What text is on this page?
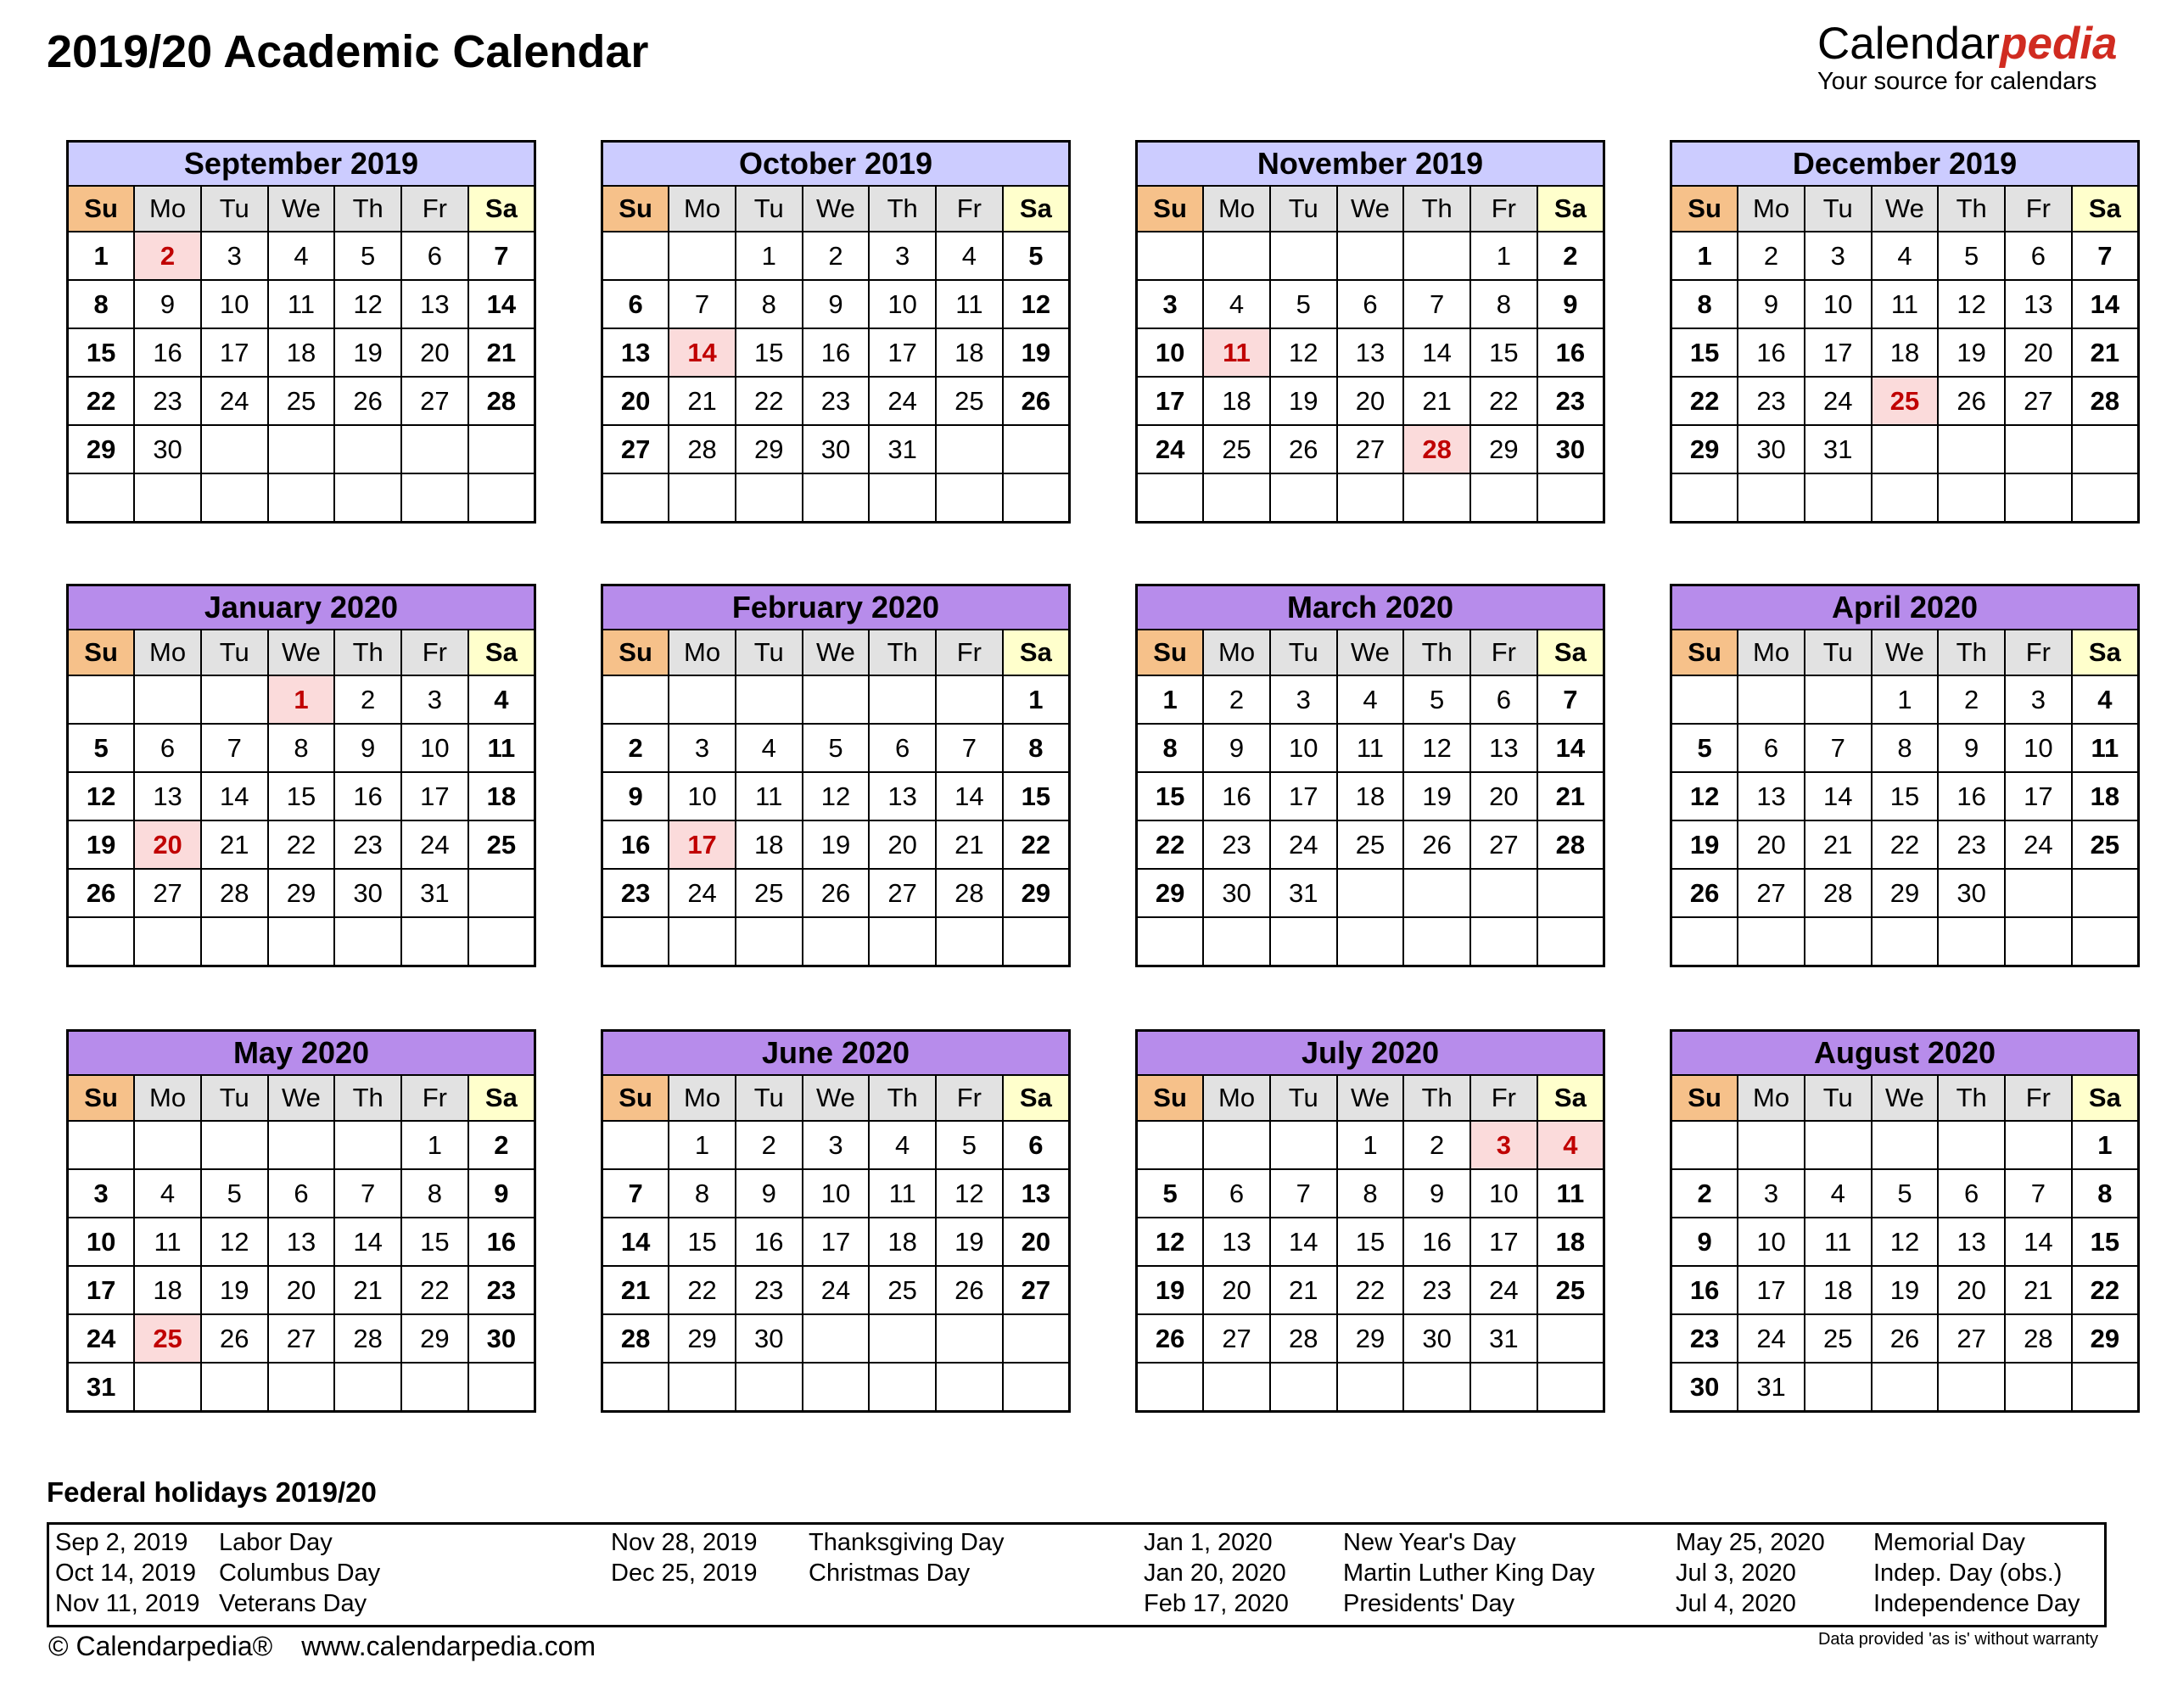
2019/20 Academic Calendar	Calendarpedia
Your source for calendars
September 2019						
Su	Mo	Tu	We	Th	Fr	Sa
1	2	3	4	5	6	7
8	9	10	11	12	13	14
15	16	17	18	19	20	21
22	23	24	25	26	27	28
29	30					

October 2019						
Su	Mo	Tu	We	Th	Fr	Sa
		1	2	3	4	5
6	7	8	9	10	11	12
13	14	15	16	17	18	19
20	21	22	23	24	25	26
27	28	29	30	31		

November 2019						
Su	Mo	Tu	We	Th	Fr	Sa
					1	2
3	4	5	6	7	8	9
10	11	12	13	14	15	16
17	18	19	20	21	22	23
24	25	26	27	28	29	30

December 2019						
Su	Mo	Tu	We	Th	Fr	Sa
1	2	3	4	5	6	7
8	9	10	11	12	13	14
15	16	17	18	19	20	21
22	23	24	25	26	27	28
29	30	31				

January 2020						
Su	Mo	Tu	We	Th	Fr	Sa
			1	2	3	4
5	6	7	8	9	10	11
12	13	14	15	16	17	18
19	20	21	22	23	24	25
26	27	28	29	30	31	

February 2020						
Su	Mo	Tu	We	Th	Fr	Sa
						1
2	3	4	5	6	7	8
9	10	11	12	13	14	15
16	17	18	19	20	21	22
23	24	25	26	27	28	29

March 2020						
Su	Mo	Tu	We	Th	Fr	Sa
1	2	3	4	5	6	7
8	9	10	11	12	13	14
15	16	17	18	19	20	21
22	23	24	25	26	27	28
29	30	31				

April 2020						
Su	Mo	Tu	We	Th	Fr	Sa
			1	2	3	4
5	6	7	8	9	10	11
12	13	14	15	16	17	18
19	20	21	22	23	24	25
26	27	28	29	30		

May 2020						
Su	Mo	Tu	We	Th	Fr	Sa
					1	2
3	4	5	6	7	8	9
10	11	12	13	14	15	16
17	18	19	20	21	22	23
24	25	26	27	28	29	30
31						
June 2020						
Su	Mo	Tu	We	Th	Fr	Sa
	1	2	3	4	5	6
7	8	9	10	11	12	13
14	15	16	17	18	19	20
21	22	23	24	25	26	27
28	29	30				

July 2020						
Su	Mo	Tu	We	Th	Fr	Sa
			1	2	3	4
5	6	7	8	9	10	11
12	13	14	15	16	17	18
19	20	21	22	23	24	25
26	27	28	29	30	31	

August 2020						
Su	Mo	Tu	We	Th	Fr	Sa
						1
2	3	4	5	6	7	8
9	10	11	12	13	14	15
16	17	18	19	20	21	22
23	24	25	26	27	28	29
30	31					
Federal holidays 2019/20
Sep 2, 2019 Labor Day
Oct 14, 2019 Columbus Day
Nov 11, 2019 Veterans Day
Nov 28, 2019 Thanksgiving Day
Dec 25, 2019 Christmas Day
Jan 1, 2020	New Year's Day
Jan 20, 2020 Martin Luther King Day
Feb 17, 2020 Presidents' Day
May 25, 2020 Memorial Day
Jul 3, 2020	Indep. Day (obs.)
Jul 4, 2020	Independence Day
© Calendarpedia® www.calendarpedia.com	Data provided 'as is' without warranty
